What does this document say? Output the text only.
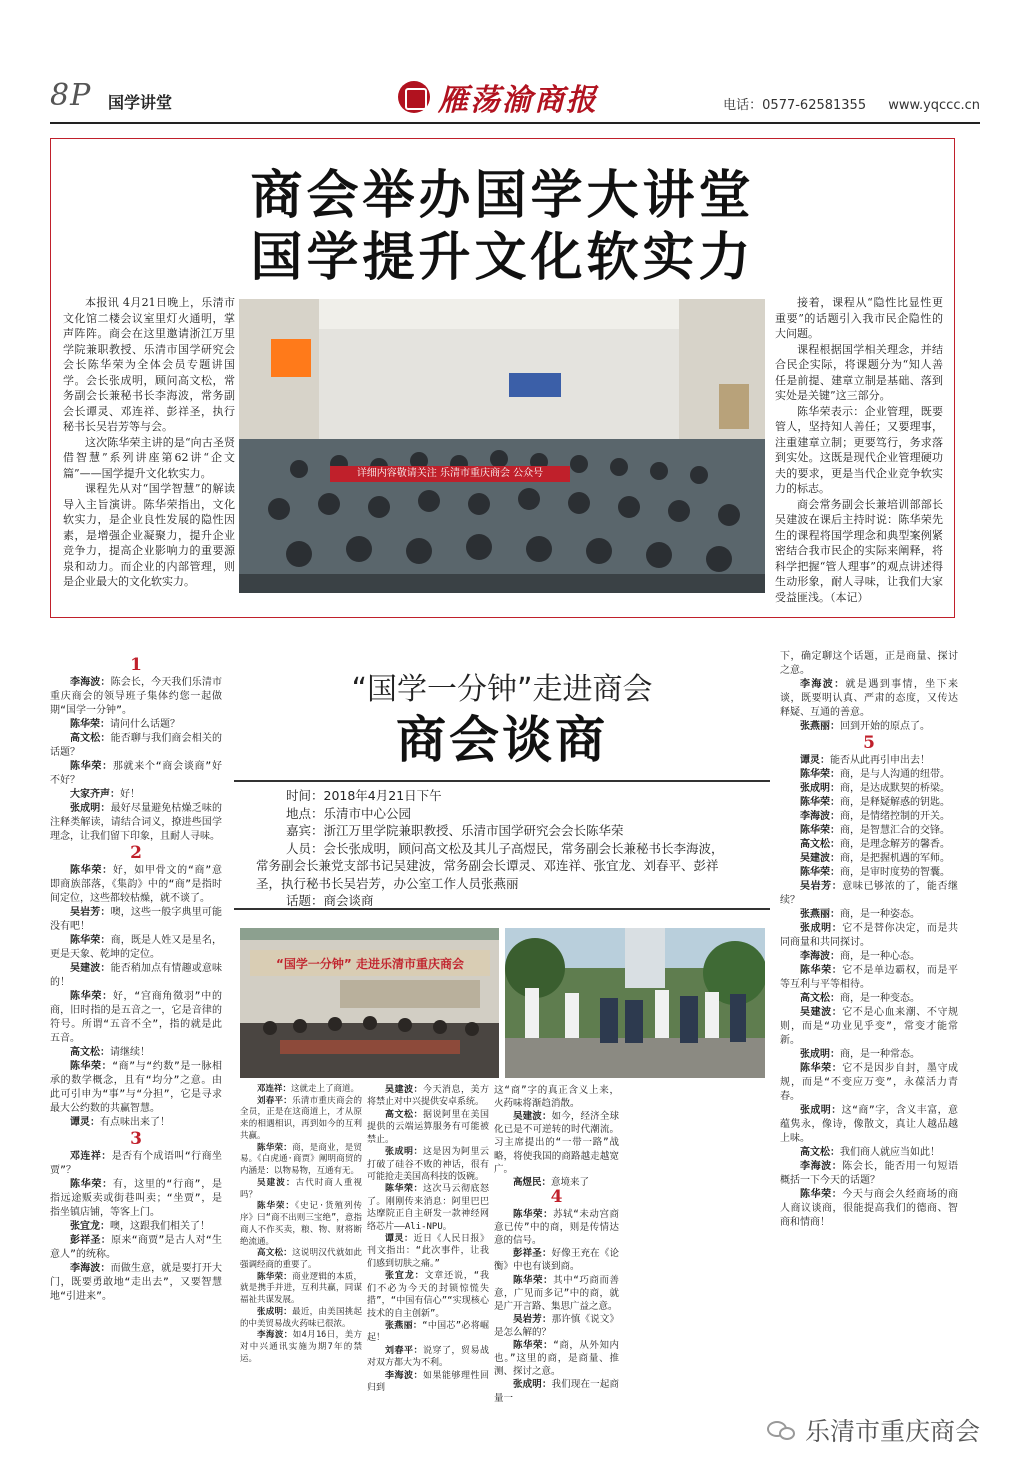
8P 国学讲堂	雁荡渝商报	电话：0577-62581355 www.yqccc.cn
商会举办国学大讲堂
国学提升文化软实力

本报讯 4月21日晚上，乐清市文化馆二楼会议室里灯火通明，掌声阵阵。商会在这里邀请浙江万里学院兼职教授、乐清市国学研究会会长陈华荣为全体会员专题讲国学。会长张成明，顾问高文松，常务副会长兼秘书长李海波，常务副会长谭灵、邓连祥、彭祥圣，执行秘书长吴岩芳等与会。

这次陈华荣主讲的是“向古圣贤借智慧”系列讲座第62讲“企文篇”——国学提升文化软实力。

课程先从对“国学智慧”的解读导入主旨演讲。陈华荣指出，文化软实力，是企业良性发展的隐性因素，是增强企业凝聚力，提升企业竞争力，提高企业影响力的重要源泉和动力。而企业的内部管理，则是企业最大的文化软实力。

接着，课程从“隐性比显性更重要”的话题引入我市民企隐性的大问题。

课程根据国学相关理念，并结合民企实际，将课题分为“知人善任是前提、建章立制是基础、落到实处是关键”这三部分。

陈华荣表示：企业管理，既要管人，坚持知人善任；又要理事，注重建章立制；更要笃行，务求落到实处。这既是现代企业管理硬功夫的要求，更是当代企业竞争软实力的标志。

商会常务副会长兼培训部部长吴建波在课后主持时说：陈华荣先生的课程将国学理念和典型案例紧密结合我市民企的实际来阐释，将科学把握“管人理事”的观点讲述得生动形象，耐人寻味，让我们大家受益匪浅。（本记）

详细内容敬请关注 乐清市重庆商会 公众号
“国学一分钟”走进商会
商会谈商
时间：2018年4月21日下午
地点：乐清市中心公园
嘉宾：浙江万里学院兼职教授、乐清市国学研究会会长陈华荣
人员：会长张成明，顾问高文松及其儿子高煜民，常务副会长兼秘书长李海波，
常务副会长兼党支部书记吴建波，常务副会长谭灵、邓连祥、张宜龙、刘春平、彭祥
圣，执行秘书长吴岩芳，办公室工作人员张燕丽
话题：商会谈商
“国学一分钟” 走进乐清市重庆商会
1

李海波：陈会长，今天我们乐清市重庆商会的领导班子集体约您一起做期“国学一分钟”。

陈华荣：请问什么话题？

高文松：能否聊与我们商会相关的话题？

陈华荣：那就来个“商会谈商”好不好？

大家齐声：好！

张成明：最好尽量避免枯燥乏味的注释类解读，请结合词义，撩进些国学理念，让我们留下印象，且耐人寻味。

2

陈华荣：好，如甲骨文的“商”意即商族部落，《集韵》中的“商”是指时间定位，这些都较枯燥，就不谈了。

吴岩芳：噢，这些一般字典里可能没有吧！

陈华荣：商，既是人姓又是星名，更是天象、乾坤的定位。

吴建波：能否稍加点有情趣或意味的！

陈华荣：好，“宫商角徵羽”中的商，旧时指的是五音之一，它是音律的符号。所谓“五音不全”，指的就是此五音。

高文松：请继续！

陈华荣：“商”与“约数”是一脉相承的数学概念，且有“均分”之意。由此可引申为“事”与“分担”，它是寻求最大公约数的共赢智慧。

谭灵：有点味出来了！

3

邓连祥：是否有个成语叫“行商坐贾”？

陈华荣：有，这里的“行商”，是指远途贩卖或街巷叫卖；“坐贾”，是指坐镇店铺，等客上门。

张宜龙：噢，这跟我们相关了！

彭祥圣：原来“商贾”是古人对“生意人”的统称。

李海波：而做生意，就是要打开大门，既要勇敢地“走出去”，又要智慧地“引进来”。

邓连祥：这就走上了商道。

刘春平：乐清市重庆商会的全员，正是在这商道上，才从原来的相遇相识，再到如今的互利共赢。

陈华荣：商，是商业，是贸易。《白虎通·商贾》阐明商贸的内涵是：以物易物，互通有无。

吴建波：古代时商人重视吗？

陈华荣：《史记·货殖列传序》曰“商不出则三宝绝”，意指商人不作买卖，粮、物、财将断绝流通。

高文松：这说明汉代就如此强调经商的重要了。

陈华荣：商业逻辑的本质，就是携手并进，互利共赢，同谋福祉共谋发展。

张成明：最近，由美国挑起的中美贸易战火药味已很浓。

李海波：如4月16日，美方对中兴通讯实施为期7年的禁运。

吴建波：今天消息，美方将禁止对中兴提供安卓系统。

高文松：据说阿里在美国提供的云端运算服务有可能被禁止。

张成明：这是因为阿里云打破了硅谷不败的神话，很有可能抢走美国高科技的饭碗。

陈华荣：这次马云彻底怒了。刚刚传来消息：阿里巴巴达摩院正自主研发一款神经网络芯片——Ali-NPU。

谭灵：近日《人民日报》刊文指出：“此次事件，让我们感到切肤之痛。”

张宜龙：文章还说，“我们不必为今天的封锁惊慌失措”，“中国有信心”“实现核心技术的自主创新”。

张燕丽：“中国芯”必将崛起！

刘春平：说穿了，贸易战对双方都大为不利。

李海波：如果能够理性回归到

这“商”字的真正含义上来，火药味将渐趋消散。

吴建波：如今，经济全球化已是不可逆转的时代潮流。习主席提出的“一带一路”战略，将使我国的商路越走越宽广。

高煜民：意境来了

4

陈华荣：苏轼“未动宫商意已传”中的商，则是传情达意的信号。

彭祥圣：好像王充在《论衡》中也有谈到商。

陈华荣：其中“巧商而善意，广见而多记”中的商，就是广开言路、集思广益之意。

吴岩芳：那许慎《说文》是怎么解的？

陈华荣：“商，从外知内也。”这里的商，是商量、推测、探讨之意。

张成明：我们现在一起商量一

下，确定聊这个话题，正是商量、探讨之意。

李海波：就是遇到事情，坐下来谈，既要明认真、严肃的态度，又传达释疑、互通的善意。

张燕丽：回到开始的原点了。

5

谭灵：能否从此再引申出去！

陈华荣：商，是与人沟通的纽带。

张成明：商，是达成默契的桥梁。

陈华荣：商，是释疑解惑的钥匙。

李海波：商，是情绪控制的开关。

陈华荣：商，是智慧汇合的交锋。

高文松：商，是理念解芳的馨香。

吴建波：商，是把握机遇的军师。

陈华荣：商，是审时度势的智囊。

吴岩芳：意味已够浓的了，能否继续？

张燕丽：商，是一种姿态。

张成明：它不是替你决定，而是共同商量和共同探讨。

李海波：商，是一种心态。

陈华荣：它不是单边霸权，而是平等互利与平等相待。

高文松：商，是一种变态。

吴建波：它不是心血来潮、不守规则，而是“功业见乎变”，常变才能常新。

张成明：商，是一种常态。

陈华荣：它不是因步自封，墨守成规，而是“不变应万变”，永葆活力青春。

张成明：这“商”字，含义丰富，意蕴隽永，像诗，像散文，真让人越品越上味。

高文松：我们商人就应当如此！

李海波：陈会长，能否用一句短语概括一下今天的话题？

陈华荣：今天与商会久经商场的商人商议谈商，很能提高我们的德商、智商和情商！

乐清市重庆商会
